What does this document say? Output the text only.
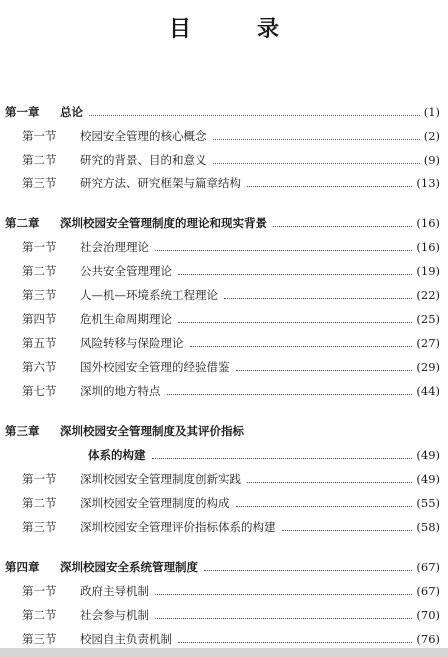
目　录
第一章	总论	(1)
第一节	校园安全管理的核心概念	(2)
第二节	研究的背景、目的和意义	(9)
第三节	研究方法、研究框架与篇章结构	(13)
第二章	深圳校园安全管理制度的理论和现实背景	(16)
第一节	社会治理理论	(16)
第二节	公共安全管理理论	(19)
第三节	人—机—环境系统工程理论	(22)
第四节	危机生命周期理论	(25)
第五节	风险转移与保险理论	(27)
第六节	国外校园安全管理的经验借鉴	(29)
第七节	深圳的地方特点	(44)
第三章	深圳校园安全管理制度及其评价指标
体系的构建	(49)
第一节	深圳校园安全管理制度创新实践	(49)
第二节	深圳校园安全管理制度的构成	(55)
第三节	深圳校园安全管理评价指标体系的构建	(58)
第四章	深圳校园安全系统管理制度	(67)
第一节	政府主导机制	(67)
第二节	社会参与机制	(70)
第三节	校园自主负责机制	(76)
